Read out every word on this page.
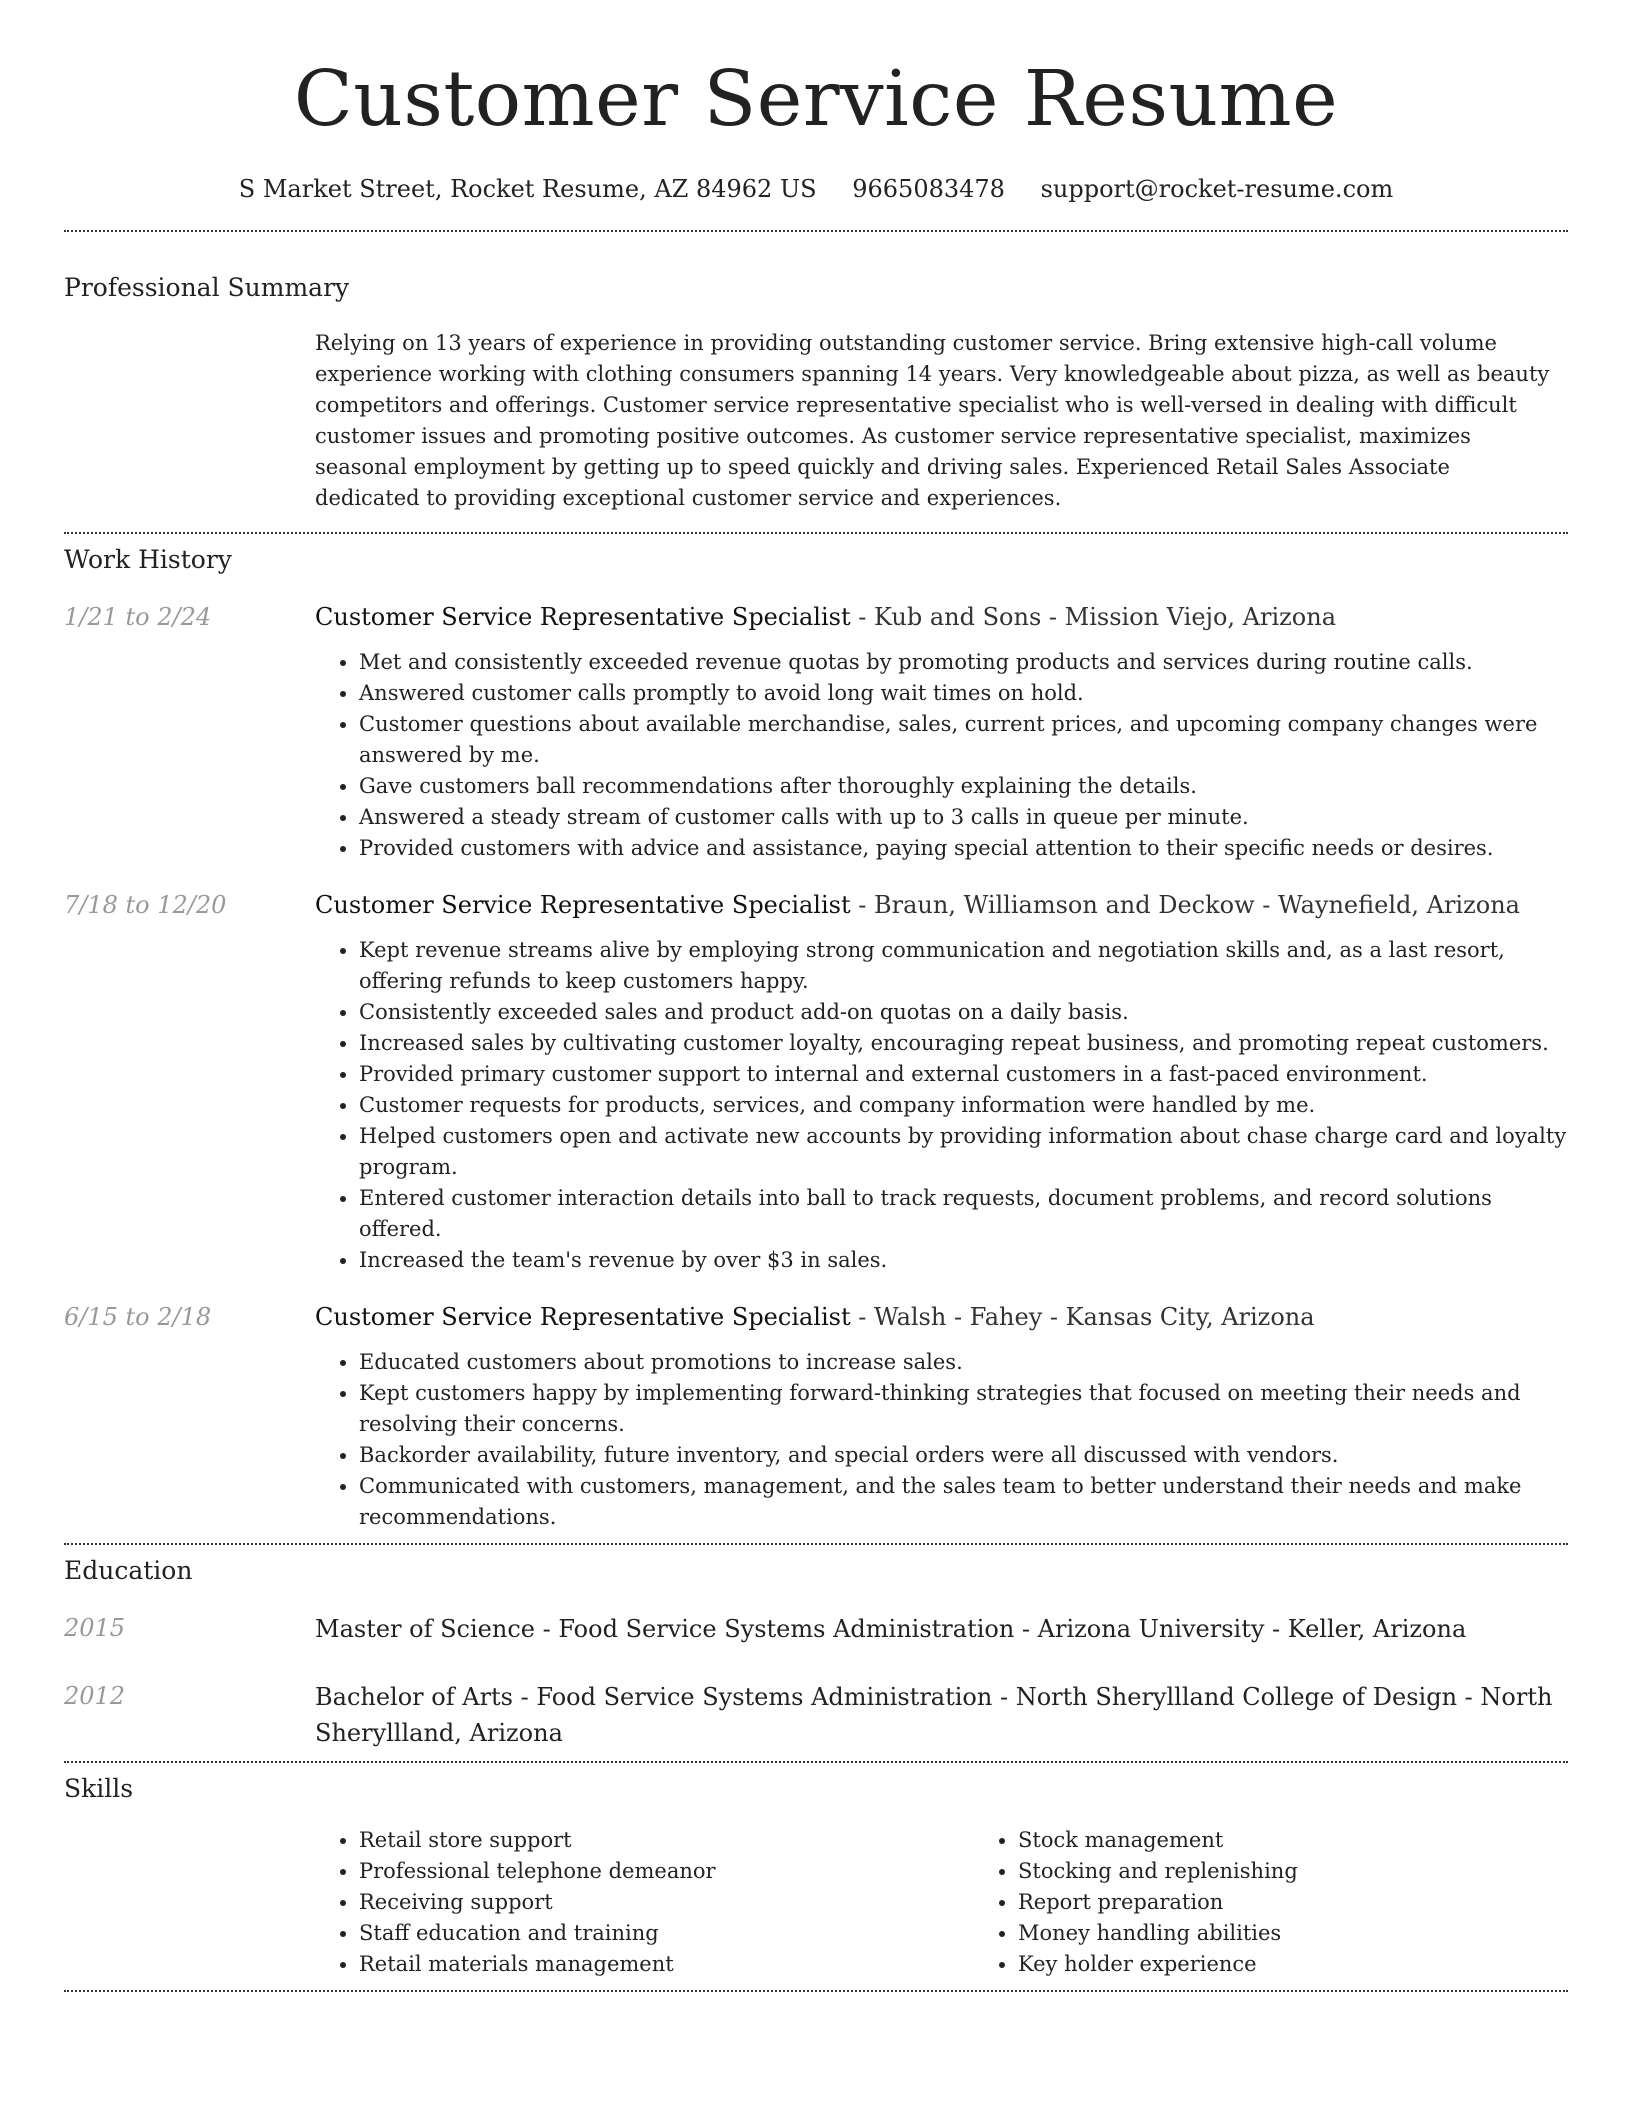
Customer Service Resume
S Market Street, Rocket Resume, AZ 84962 US 9665083478 support@rocket-resume.com
Professional Summary
Relying on 13 years of experience in providing outstanding customer service. Bring extensive high-call volume experience working with clothing consumers spanning 14 years. Very knowledgeable about pizza, as well as beauty competitors and offerings. Customer service representative specialist who is well-versed in dealing with difficult customer issues and promoting positive outcomes. As customer service representative specialist, maximizes seasonal employment by getting up to speed quickly and driving sales. Experienced Retail Sales Associate dedicated to providing exceptional customer service and experiences.
Work History
1/21 to 2/24	Customer Service Representative Specialist - Kub and Sons - Mission Viejo, Arizona
• Met and consistently exceeded revenue quotas by promoting products and services during routine calls.
• Answered customer calls promptly to avoid long wait times on hold.
• Customer questions about available merchandise, sales, current prices, and upcoming company changes were answered by me.
• Gave customers ball recommendations after thoroughly explaining the details.
• Answered a steady stream of customer calls with up to 3 calls in queue per minute.
• Provided customers with advice and assistance, paying special attention to their specific needs or desires.
7/18 to 12/20	Customer Service Representative Specialist - Braun, Williamson and Deckow - Waynefield, Arizona
• Kept revenue streams alive by employing strong communication and negotiation skills and, as a last resort, offering refunds to keep customers happy.
• Consistently exceeded sales and product add-on quotas on a daily basis.
• Increased sales by cultivating customer loyalty, encouraging repeat business, and promoting repeat customers.
• Provided primary customer support to internal and external customers in a fast-paced environment.
• Customer requests for products, services, and company information were handled by me.
• Helped customers open and activate new accounts by providing information about chase charge card and loyalty program.
• Entered customer interaction details into ball to track requests, document problems, and record solutions offered.
• Increased the team's revenue by over $3 in sales.
6/15 to 2/18	Customer Service Representative Specialist - Walsh - Fahey - Kansas City, Arizona
• Educated customers about promotions to increase sales.
• Kept customers happy by implementing forward-thinking strategies that focused on meeting their needs and resolving their concerns.
• Backorder availability, future inventory, and special orders were all discussed with vendors.
• Communicated with customers, management, and the sales team to better understand their needs and make recommendations.
Education
2015	Master of Science - Food Service Systems Administration - Arizona University - Keller, Arizona
2012	Bachelor of Arts - Food Service Systems Administration - North Sheryllland College of Design - North Sheryllland, Arizona
Skills
• Retail store support
• Professional telephone demeanor
• Receiving support
• Staff education and training
• Retail materials management
• Stock management
• Stocking and replenishing
• Report preparation
• Money handling abilities
• Key holder experience
